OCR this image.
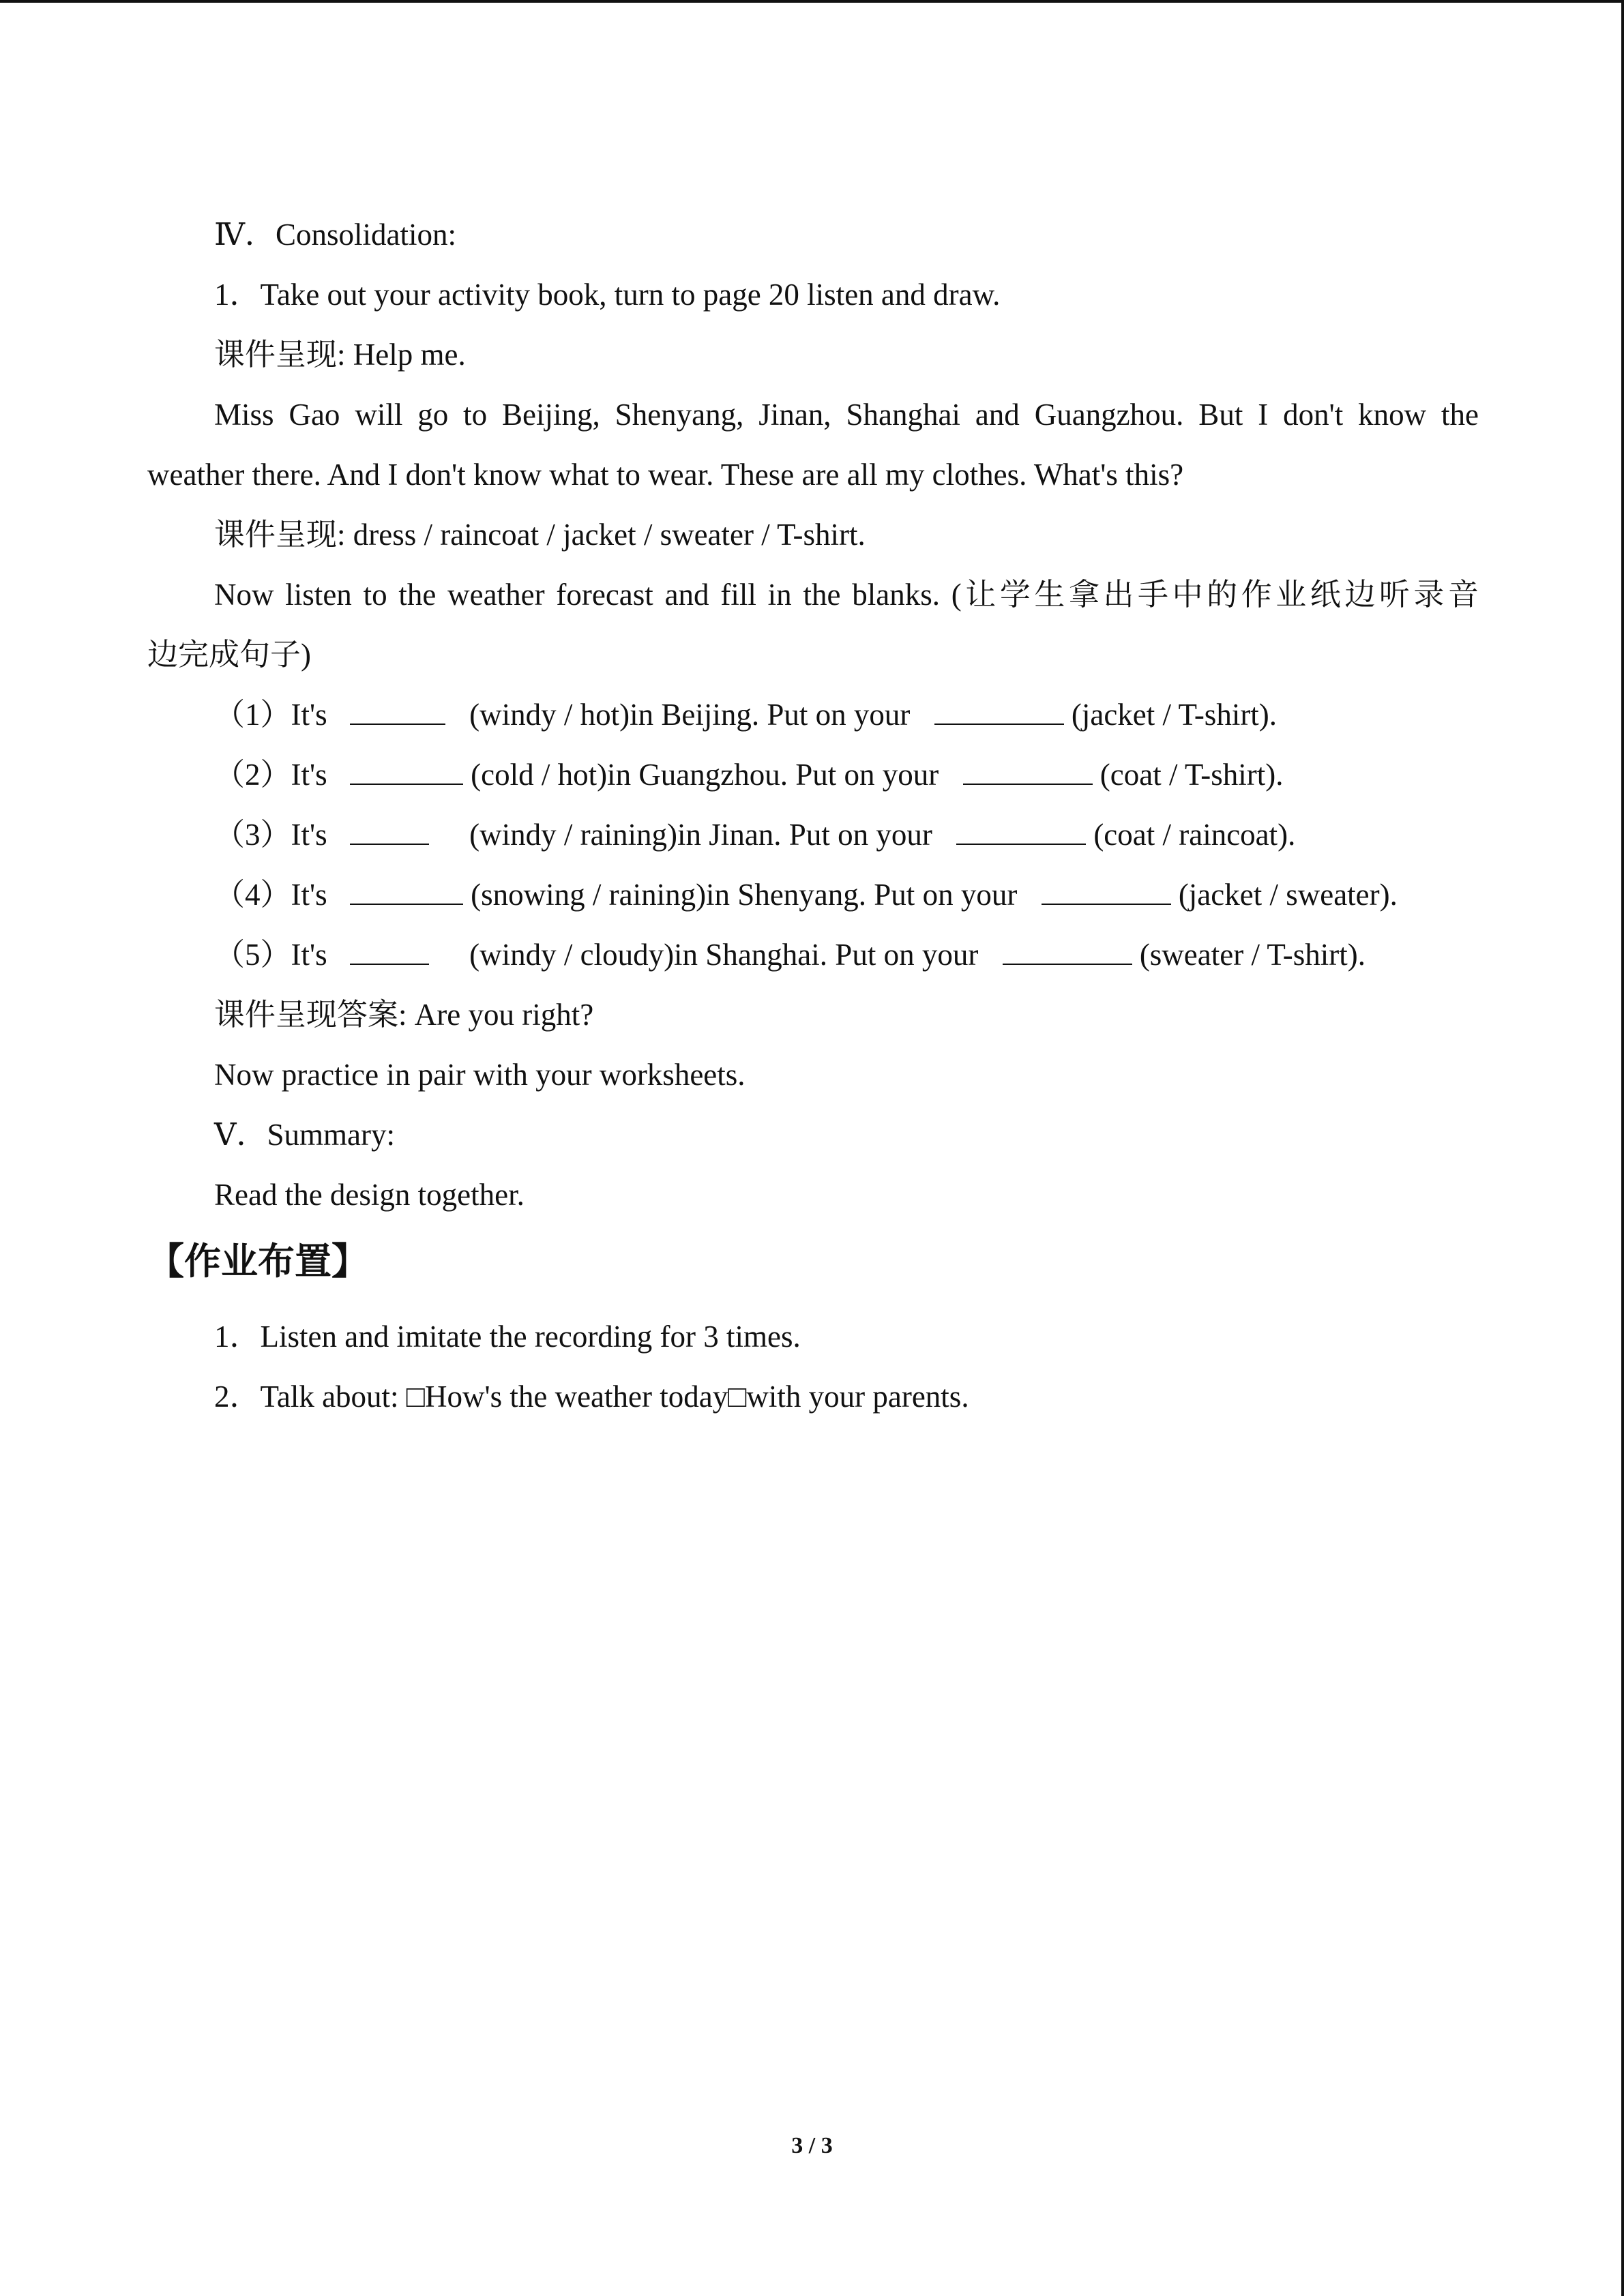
Ⅳ．Consolidation:
1．Take out your activity book, turn to page 20 listen and draw.
课件呈现: Help me.
Miss Gao will go to Beijing, Shenyang, Jinan, Shanghai and Guangzhou. But I don't know the
weather there. And I don't know what to wear. These are all my clothes. What's this?
课件呈现: dress / raincoat / jacket / sweater / T-shirt.
Now listen to the weather forecast and fill in the blanks. (让学生拿出手中的作业纸边听录音
边完成句子)
（1）It's	(windy / hot)in Beijing. Put on your	(jacket / T-shirt).
（2）It's	(cold / hot)in Guangzhou. Put on your	(coat / T-shirt).
（3）It's	(windy / raining)in Jinan. Put on your	(coat / raincoat).
（4）It's	(snowing / raining)in Shenyang. Put on your	(jacket / sweater).
（5）It's	(windy / cloudy)in Shanghai. Put on your	(sweater / T-shirt).
课件呈现答案: Are you right?
Now practice in pair with your worksheets.
Ⅴ．Summary:
Read the design together.
【作业布置】
1．Listen and imitate the recording for 3 times.
2．Talk about: □How's the weather today□with your parents.
3 / 3
